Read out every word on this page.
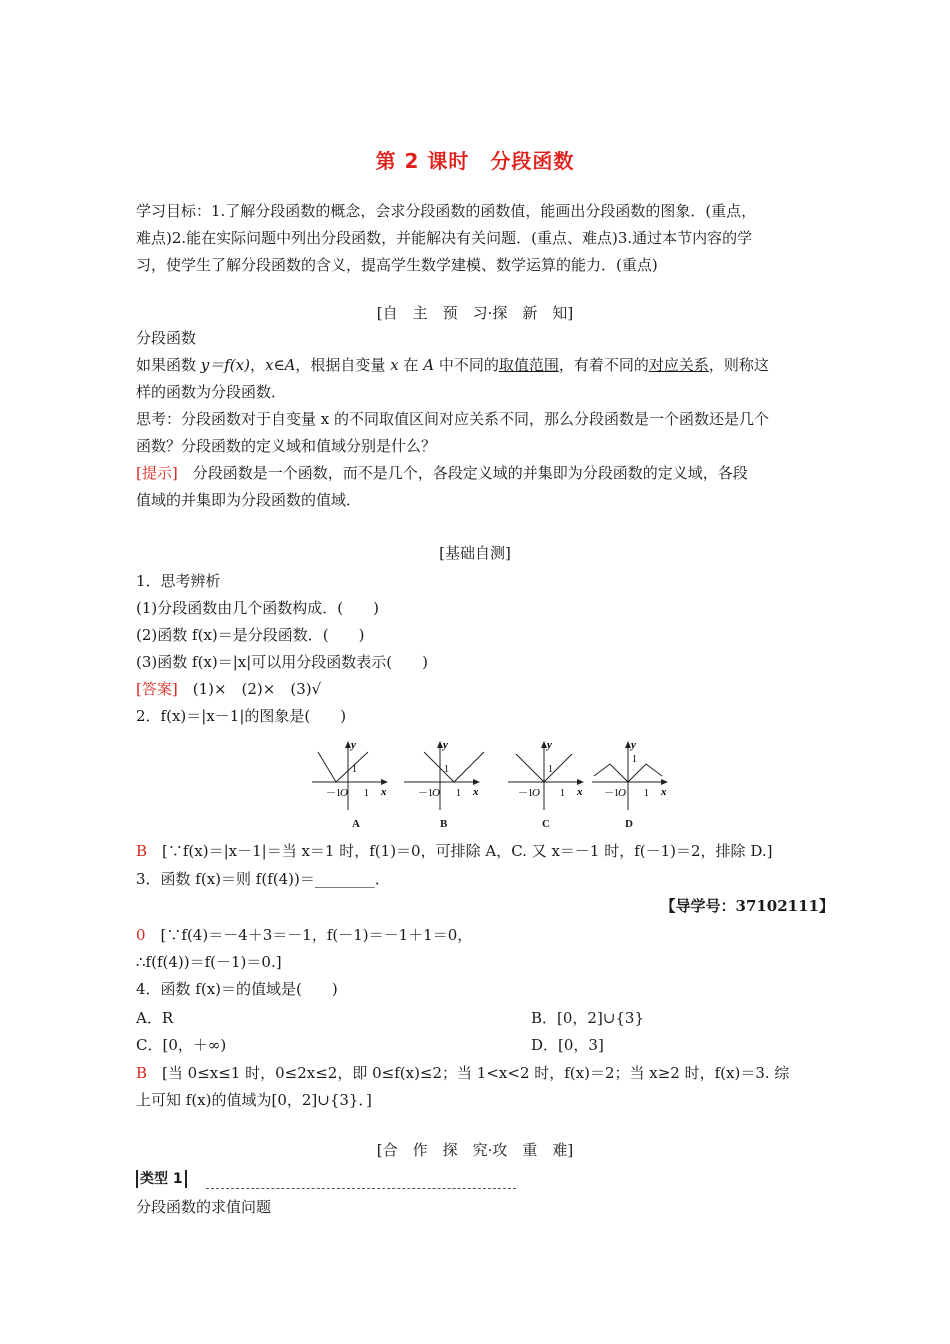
第 2 课时　分段函数
学习目标：1.了解分段函数的概念，会求分段函数的函数值，能画出分段函数的图象．(重点，
难点)2.能在实际问题中列出分段函数，并能解决有关问题．(重点、难点)3.通过本节内容的学
习，使学生了解分段函数的含义，提高学生数学建模、数学运算的能力．(重点)
[自　主　预　习·探　新　知]
分段函数
如果函数 y＝f(x)，x∈A，根据自变量 x 在 A 中不同的取值范围，有着不同的对应关系，则称这
样的函数为分段函数．
思考：分段函数对于自变量 x 的不同取值区间对应关系不同，那么分段函数是一个函数还是几个
函数？分段函数的定义域和值域分别是什么？
[提示]　分段函数是一个函数，而不是几个，各段定义域的并集即为分段函数的定义域，各段
值域的并集即为分段函数的值域．
[基础自测]
1．思考辨析
(1)分段函数由几个函数构成．(　　)
(2)函数 f(x)＝是分段函数．(　　)
(3)函数 f(x)＝|x|可以用分段函数表示(　　)
[答案]　(1)×　(2)×　(3)√
2．f(x)＝|x－1|的图象是(　　)
y
x
1
－1 O 1
y
x
1
－1 O 1
y
x
1
－1 O 1
y
x
1
－1 O 1
A	B	C	D
B　[∵f(x)＝|x－1|＝当 x＝1 时，f(1)＝0，可排除 A，C. 又 x＝－1 时，f(－1)＝2，排除 D.]
3．函数 f(x)＝则 f(f(4))＝________．
【导学号：37102111】
0　[∵f(4)＝－4＋3＝－1，f(－1)＝－1＋1＝0，
∴f(f(4))＝f(－1)＝0.]
4．函数 f(x)＝的值域是(　　)
A．R	B．[0，2]∪{3}
C．[0，＋∞)	D．[0，3]
B　[当 0≤x≤1 时，0≤2x≤2，即 0≤f(x)≤2；当 1<x<2 时，f(x)＝2；当 x≥2 时，f(x)＝3. 综
上可知 f(x)的值域为[0，2]∪{3}．]
[合　作　探　究·攻　重　难]
类型 1
分段函数的求值问题
